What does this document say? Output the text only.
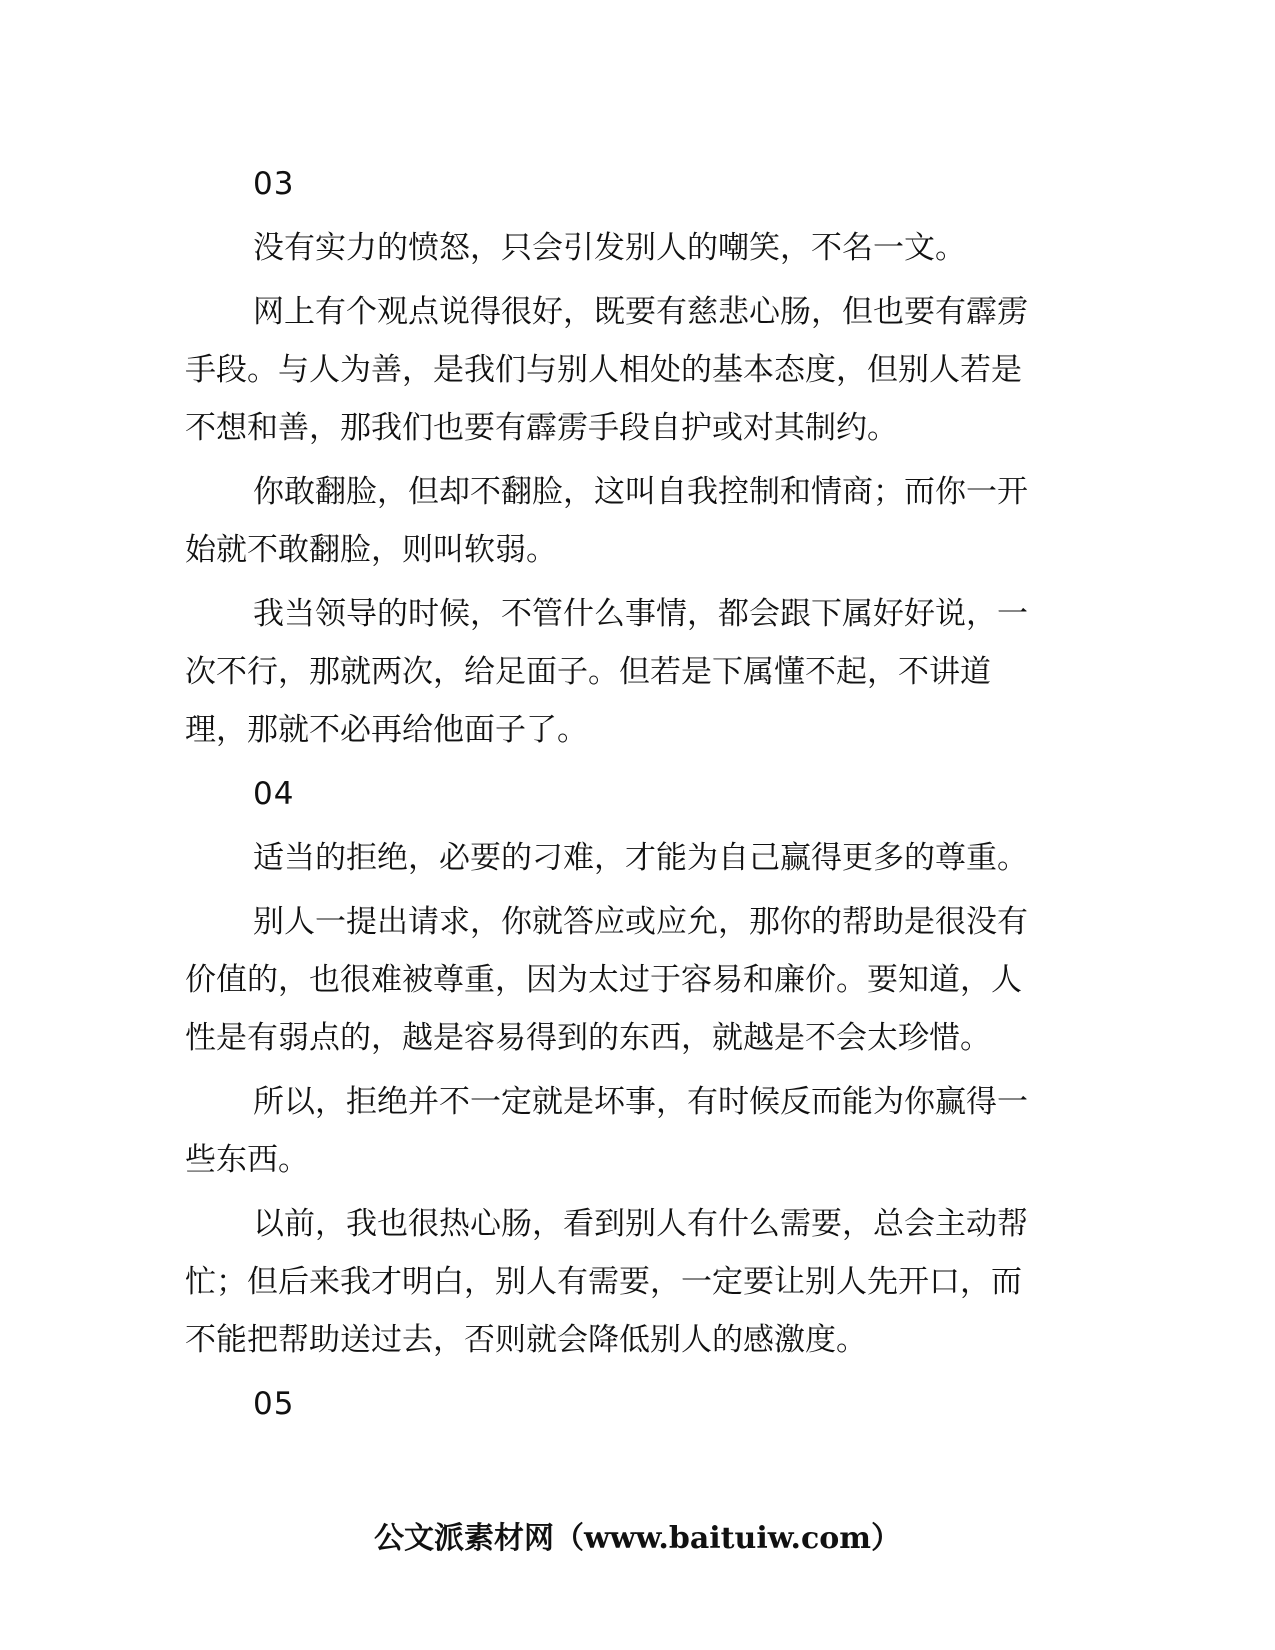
03
没有实力的愤怒，只会引发别人的嘲笑，不名一文。
网上有个观点说得很好，既要有慈悲心肠，但也要有霹雳
手段。与人为善，是我们与别人相处的基本态度，但别人若是
不想和善，那我们也要有霹雳手段自护或对其制约。
你敢翻脸，但却不翻脸，这叫自我控制和情商；而你一开
始就不敢翻脸，则叫软弱。
我当领导的时候，不管什么事情，都会跟下属好好说，一
次不行，那就两次，给足面子。但若是下属懂不起，不讲道
理，那就不必再给他面子了。
04
适当的拒绝，必要的刁难，才能为自己赢得更多的尊重。
别人一提出请求，你就答应或应允，那你的帮助是很没有
价值的，也很难被尊重，因为太过于容易和廉价。要知道，人
性是有弱点的，越是容易得到的东西，就越是不会太珍惜。
所以，拒绝并不一定就是坏事，有时候反而能为你赢得一
些东西。
以前，我也很热心肠，看到别人有什么需要，总会主动帮
忙；但后来我才明白，别人有需要，一定要让别人先开口，而
不能把帮助送过去，否则就会降低别人的感激度。
05
公文派素材网（www.baituiw.com）
